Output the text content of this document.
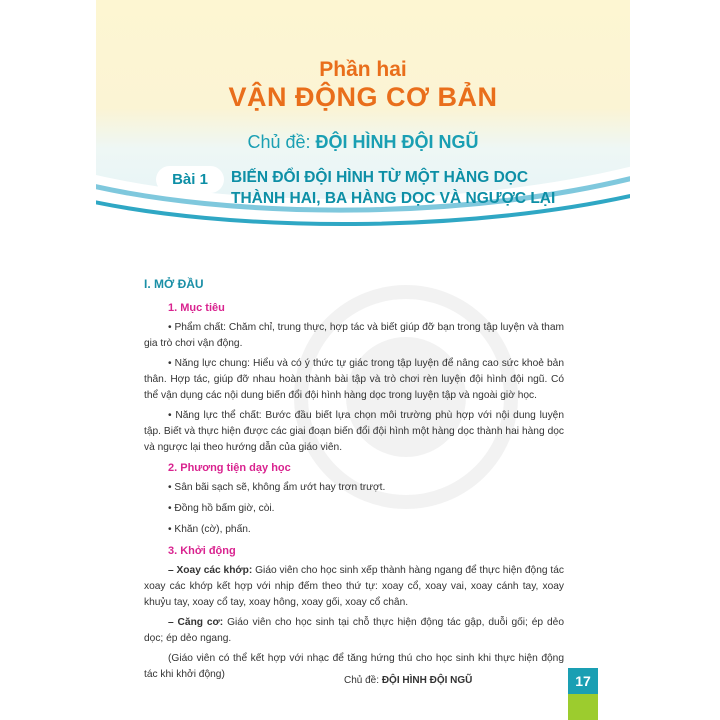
Phần hai
VẬN ĐỘNG CƠ BẢN
Chủ đề: ĐỘI HÌNH ĐỘI NGŨ
Bài 1	BIẾN ĐỔI ĐỘI HÌNH TỪ MỘT HÀNG DỌC
THÀNH HAI, BA HÀNG DỌC VÀ NGƯỢC LẠI
I. MỞ ĐẦU
1. Mục tiêu
• Phẩm chất: Chăm chỉ, trung thực, hợp tác và biết giúp đỡ bạn trong tập luyện và tham gia trò chơi vận động.
• Năng lực chung: Hiểu và có ý thức tự giác trong tập luyện để nâng cao sức khoẻ bản thân. Hợp tác, giúp đỡ nhau hoàn thành bài tập và trò chơi rèn luyện đội hình đội ngũ. Có thể vận dụng các nội dung biến đổi đội hình hàng dọc trong luyện tập và ngoài giờ học.
• Năng lực thể chất: Bước đầu biết lựa chọn môi trường phù hợp với nội dung luyện tập. Biết và thực hiện được các giai đoạn biến đổi đội hình một hàng dọc thành hai hàng dọc và ngược lại theo hướng dẫn của giáo viên.
2. Phương tiện dạy học
• Sân bãi sạch sẽ, không ẩm ướt hay trơn trượt.
• Đồng hồ bấm giờ, còi.
• Khăn (cờ), phấn.
3. Khởi động
– Xoay các khớp: Giáo viên cho học sinh xếp thành hàng ngang để thực hiện động tác xoay các khớp kết hợp với nhịp đếm theo thứ tự: xoay cổ, xoay vai, xoay cánh tay, xoay khuỷu tay, xoay cổ tay, xoay hông, xoay gối, xoay cổ chân.
– Căng cơ: Giáo viên cho học sinh tại chỗ thực hiện động tác gập, duỗi gối; ép dẻo dọc; ép dẻo ngang.
(Giáo viên có thể kết hợp với nhạc để tăng hứng thú cho học sinh khi thực hiện động tác khi khởi động)
Chủ đề: ĐỘI HÌNH ĐỘI NGŨ	17
